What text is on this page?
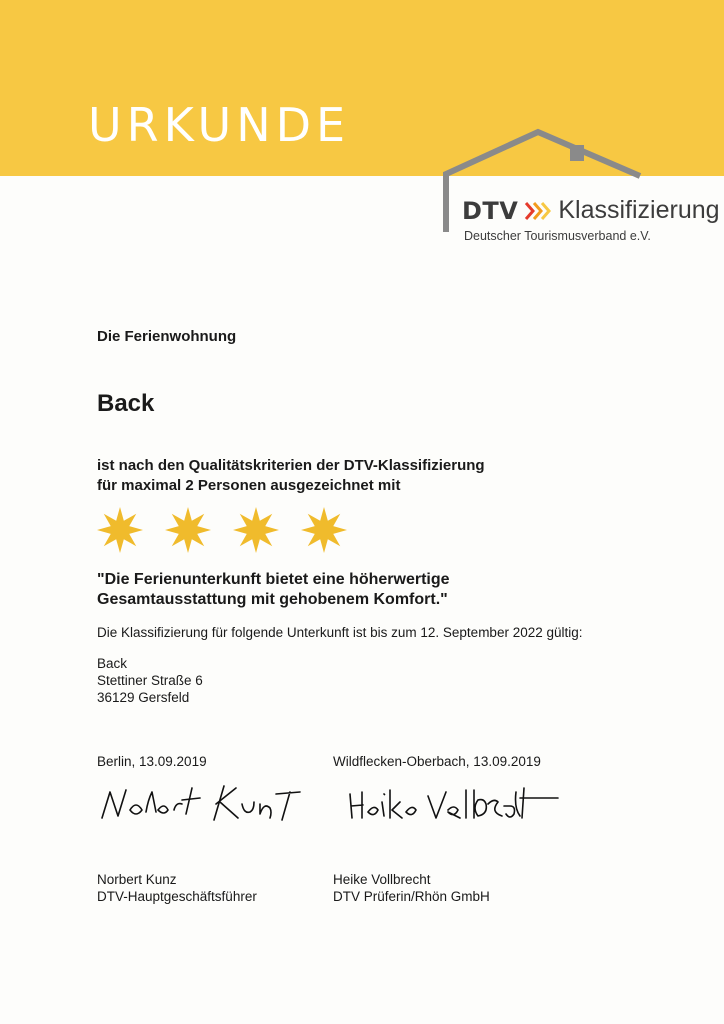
URKUNDE
DTV Klassifizierung
Deutscher Tourismusverband e.V.
Die Ferienwohnung
Back
ist nach den Qualitätskriterien der DTV-Klassifizierung
für maximal 2 Personen ausgezeichnet mit
"Die Ferienunterkunft bietet eine höherwertige
Gesamtausstattung mit gehobenem Komfort."
Die Klassifizierung für folgende Unterkunft ist bis zum 12. September 2022 gültig:
Back
Stettiner Straße 6
36129 Gersfeld
Berlin, 13.09.2019	Wildflecken-Oberbach, 13.09.2019
Norbert Kunz
DTV-Hauptgeschäftsführer
Heike Vollbrecht
DTV Prüferin/Rhön GmbH
